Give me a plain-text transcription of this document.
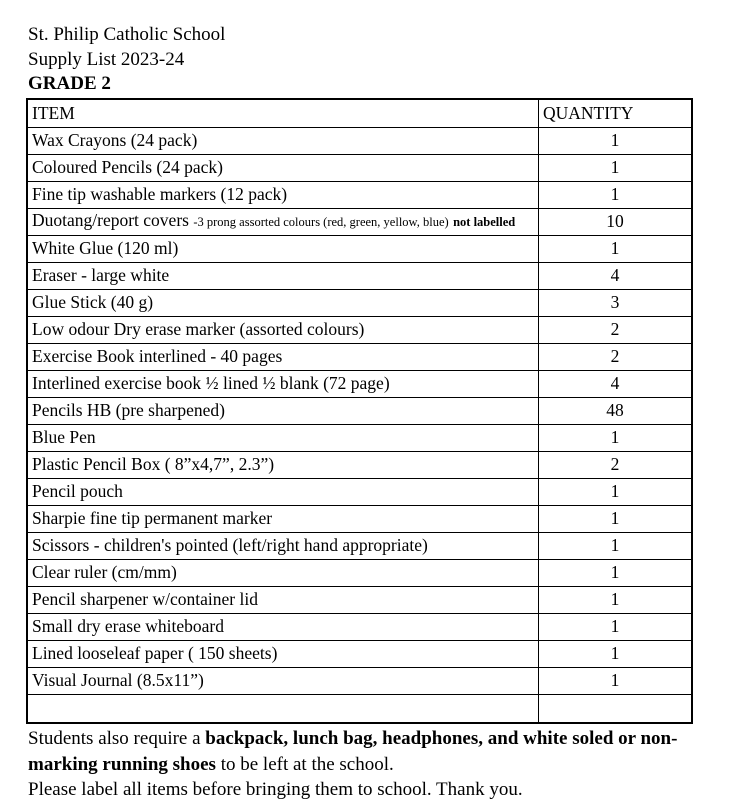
St. Philip Catholic School
Supply List 2023-24
GRADE 2
ITEM	QUANTITY
Wax Crayons (24 pack)	1
Coloured Pencils (24 pack)	1
Fine tip washable markers (12 pack)	1
Duotang/report covers -3 prong assorted colours (red, green, yellow, blue) not labelled	10
White Glue (120 ml)	1
Eraser - large white	4
Glue Stick (40 g)	3
Low odour Dry erase marker (assorted colours)	2
Exercise Book interlined - 40 pages	2
Interlined exercise book ½ lined ½ blank (72 page)	4
Pencils HB (pre sharpened)	48
Blue Pen	1
Plastic Pencil Box ( 8”x4,7”, 2.3”)	2
Pencil pouch	1
Sharpie fine tip permanent marker	1
Scissors - children's pointed (left/right hand appropriate)	1
Clear ruler (cm/mm)	1
Pencil sharpener w/container lid	1
Small dry erase whiteboard	1
Lined looseleaf paper ( 150 sheets)	1
Visual Journal (8.5x11”)	1

Students also require a backpack, lunch bag, headphones, and white soled or non-marking running shoes to be left at the school.

Please label all items before bringing them to school. Thank you.
